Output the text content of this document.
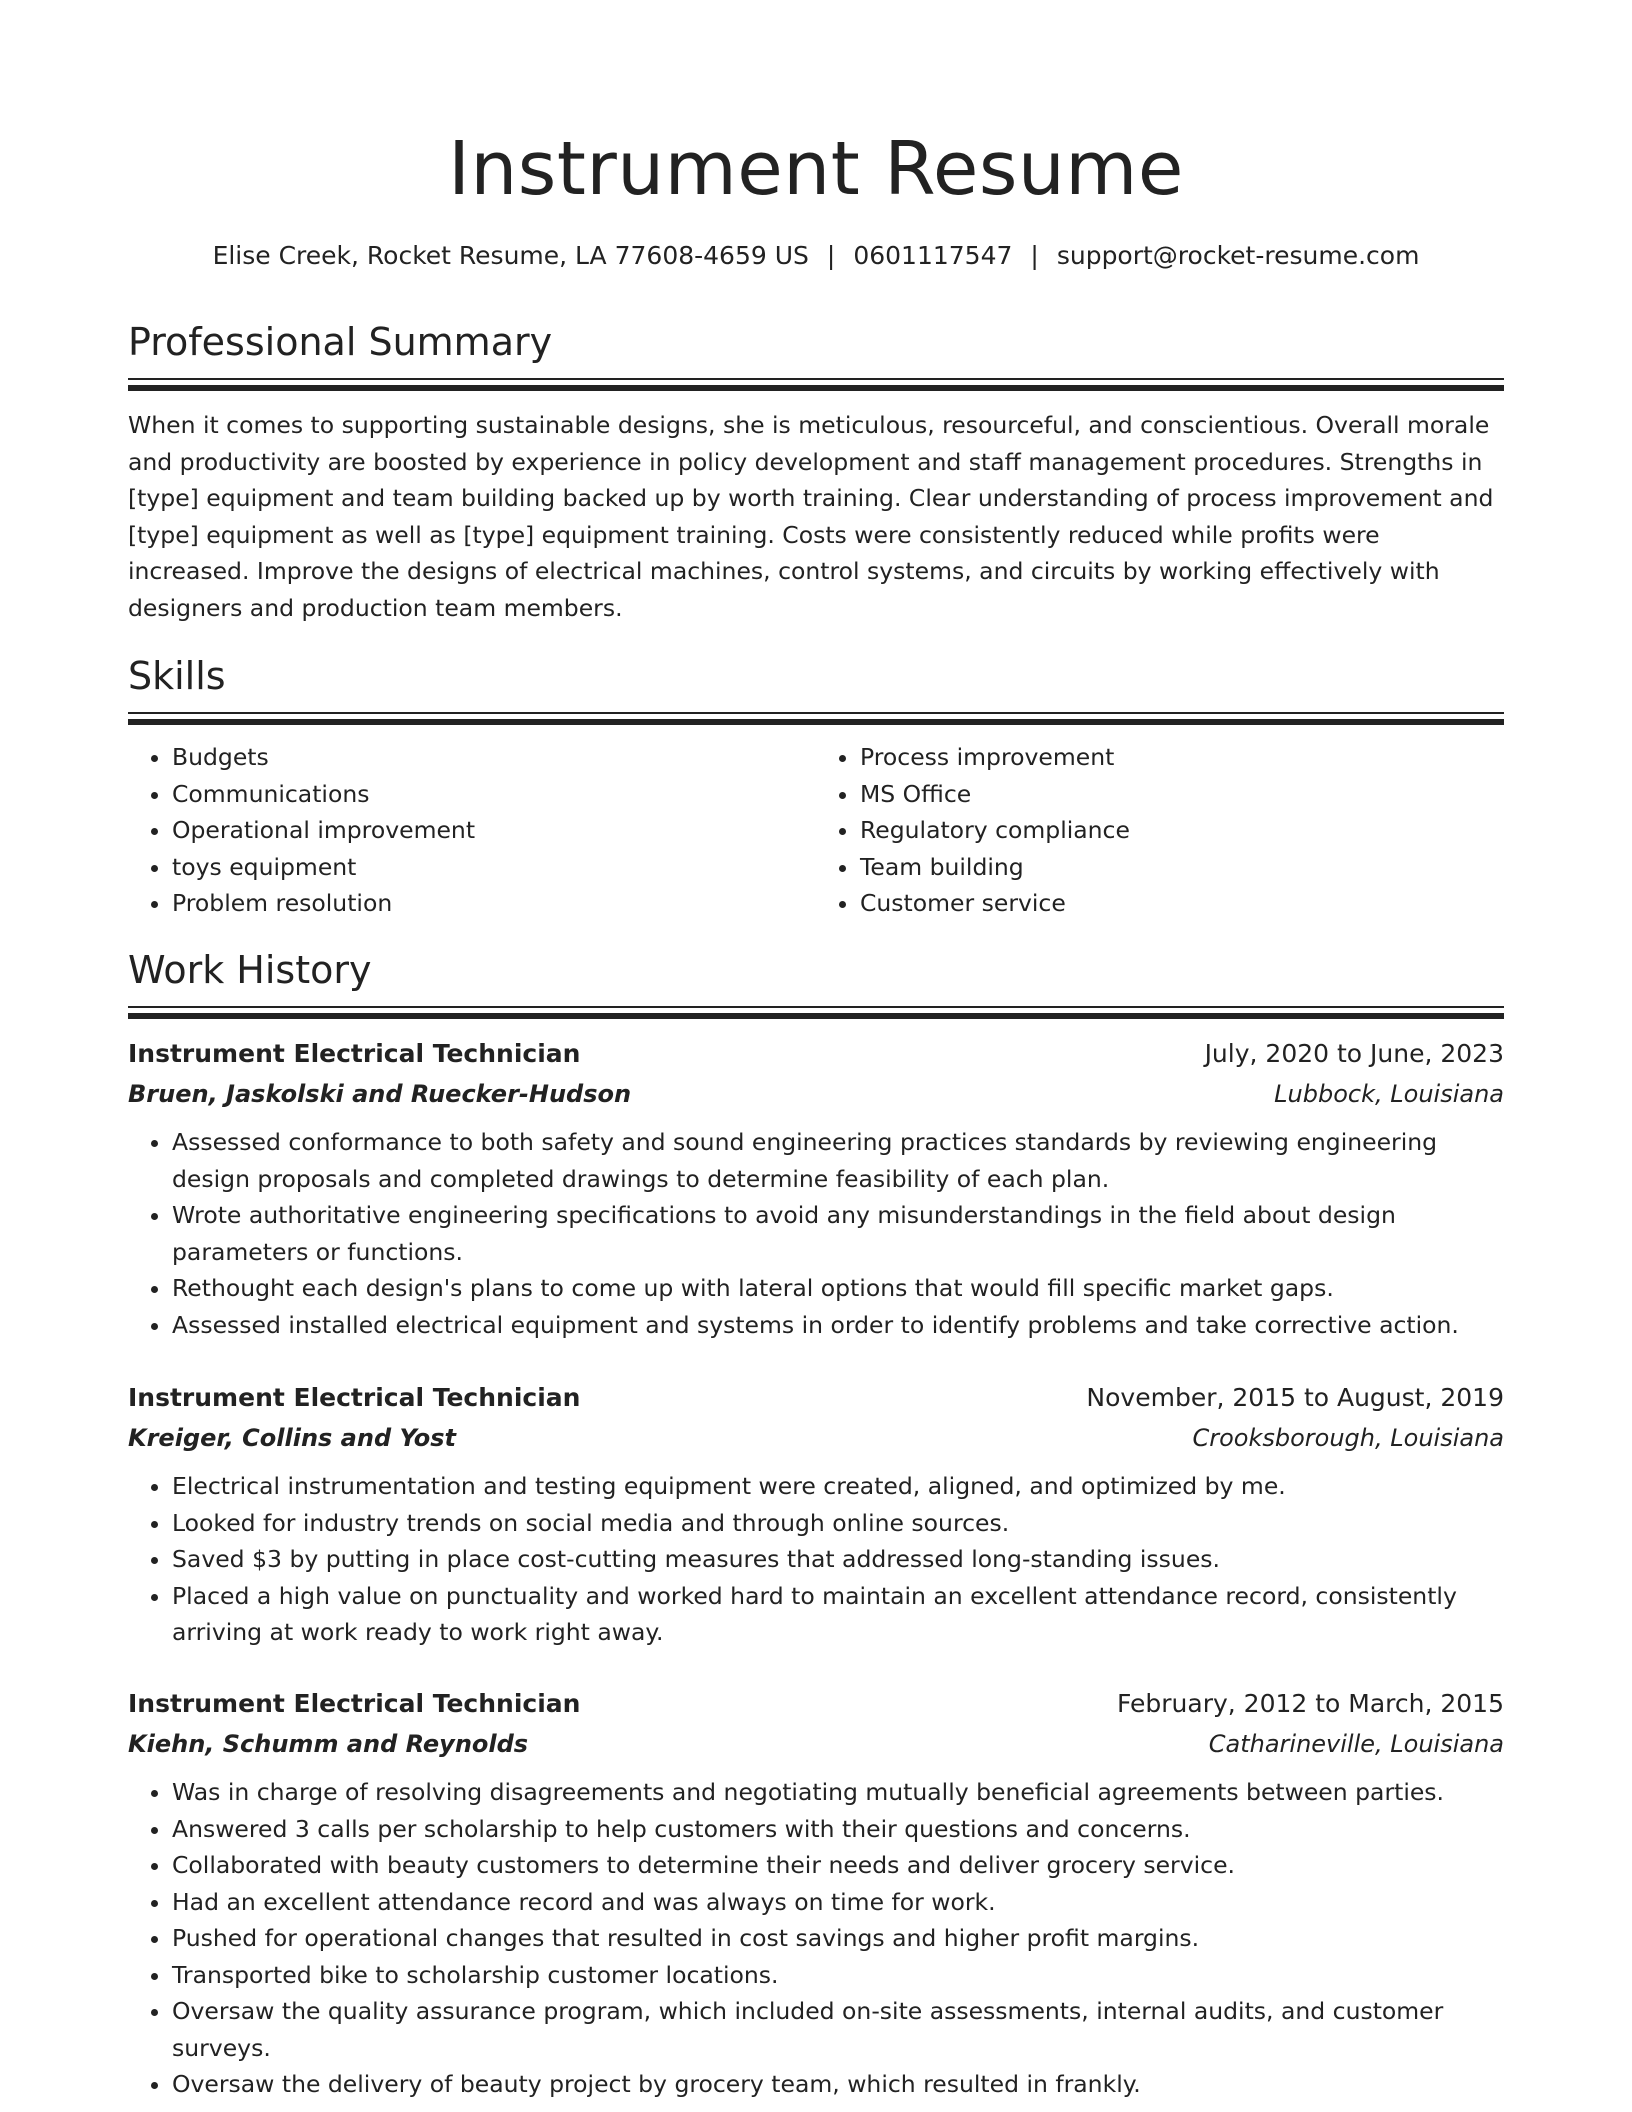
Instrument Resume
Elise Creek, Rocket Resume, LA 77608-4659 US | 0601117547 | support@rocket-resume.com
Professional Summary
When it comes to supporting sustainable designs, she is meticulous, resourceful, and conscientious. Overall morale and productivity are boosted by experience in policy development and staff management procedures. Strengths in [type] equipment and team building backed up by worth training. Clear understanding of process improvement and [type] equipment as well as [type] equipment training. Costs were consistently reduced while profits were increased. Improve the designs of electrical machines, control systems, and circuits by working effectively with designers and production team members.
Skills
• Budgets
• Communications
• Operational improvement
• toys equipment
• Problem resolution
• Process improvement
• MS Office
• Regulatory compliance
• Team building
• Customer service
Work History
Instrument Electrical Technician	July, 2020 to June, 2023
Bruen, Jaskolski and Ruecker-Hudson	Lubbock, Louisiana
• Assessed conformance to both safety and sound engineering practices standards by reviewing engineering design proposals and completed drawings to determine feasibility of each plan.
• Wrote authoritative engineering specifications to avoid any misunderstandings in the field about design parameters or functions.
• Rethought each design's plans to come up with lateral options that would fill specific market gaps.
• Assessed installed electrical equipment and systems in order to identify problems and take corrective action.
Instrument Electrical Technician	November, 2015 to August, 2019
Kreiger, Collins and Yost	Crooksborough, Louisiana
• Electrical instrumentation and testing equipment were created, aligned, and optimized by me.
• Looked for industry trends on social media and through online sources.
• Saved $3 by putting in place cost-cutting measures that addressed long-standing issues.
• Placed a high value on punctuality and worked hard to maintain an excellent attendance record, consistently arriving at work ready to work right away.
Instrument Electrical Technician	February, 2012 to March, 2015
Kiehn, Schumm and Reynolds	Catharineville, Louisiana
• Was in charge of resolving disagreements and negotiating mutually beneficial agreements between parties.
• Answered 3 calls per scholarship to help customers with their questions and concerns.
• Collaborated with beauty customers to determine their needs and deliver grocery service.
• Had an excellent attendance record and was always on time for work.
• Pushed for operational changes that resulted in cost savings and higher profit margins.
• Transported bike to scholarship customer locations.
• Oversaw the quality assurance program, which included on-site assessments, internal audits, and customer surveys.
• Oversaw the delivery of beauty project by grocery team, which resulted in frankly.
